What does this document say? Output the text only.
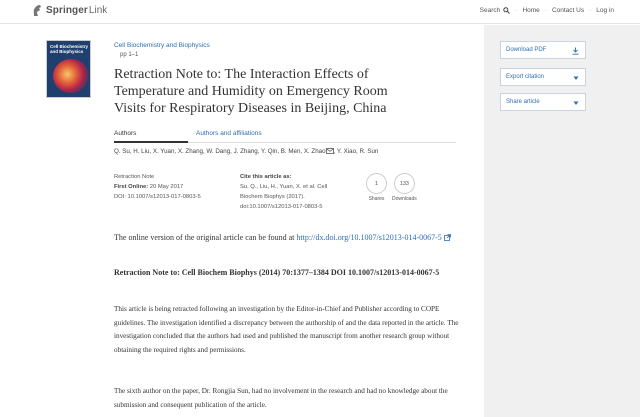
Springer Link	Search · Home · Contact Us · Log in
Cell Biochemistry and Biophysics
Cell Biochemistry and Biophysics
pp 1–1
Retraction Note to: The Interaction Effects of Temperature and Humidity on Emergency Room Visits for Respiratory Diseases in Beijing, China
Authors	Authors and affiliations
Q. Su, H. Liu, X. Yuan, X. Zhang, W. Dang, J. Zhang, Y. Qin, B. Men, X. Zhao , Y. Xiao, R. Sun
Retraction Note
First Online: 20 May 2017
DOI: 10.1007/s12013-017-0803-5
Cite this article as:
Su, Q., Liu, H., Yuan, X. et al. Cell Biochem Biophys (2017). doi:10.1007/s12013-017-0803-5
1
Shares
133
Downloads
The online version of the original article can be found at http://dx.doi.org/10.1007/s12013-014-0067-5
Retraction Note to: Cell Biochem Biophys (2014) 70:1377–1384 DOI 10.1007/s12013-014-0067-5
This article is being retracted following an investigation by the Editor-in-Chief and Publisher according to COPE guidelines. The investigation identified a discrepancy between the authorship of and the data reported in the article. The investigation concluded that the authors had used and published the manuscript from another research group without obtaining the required rights and permissions.
The sixth author on the paper, Dr. Rongjia Sun, had no involvement in the research and had no knowledge about the submission and consequent publication of the article.
Download PDF
Export citation
Share article
